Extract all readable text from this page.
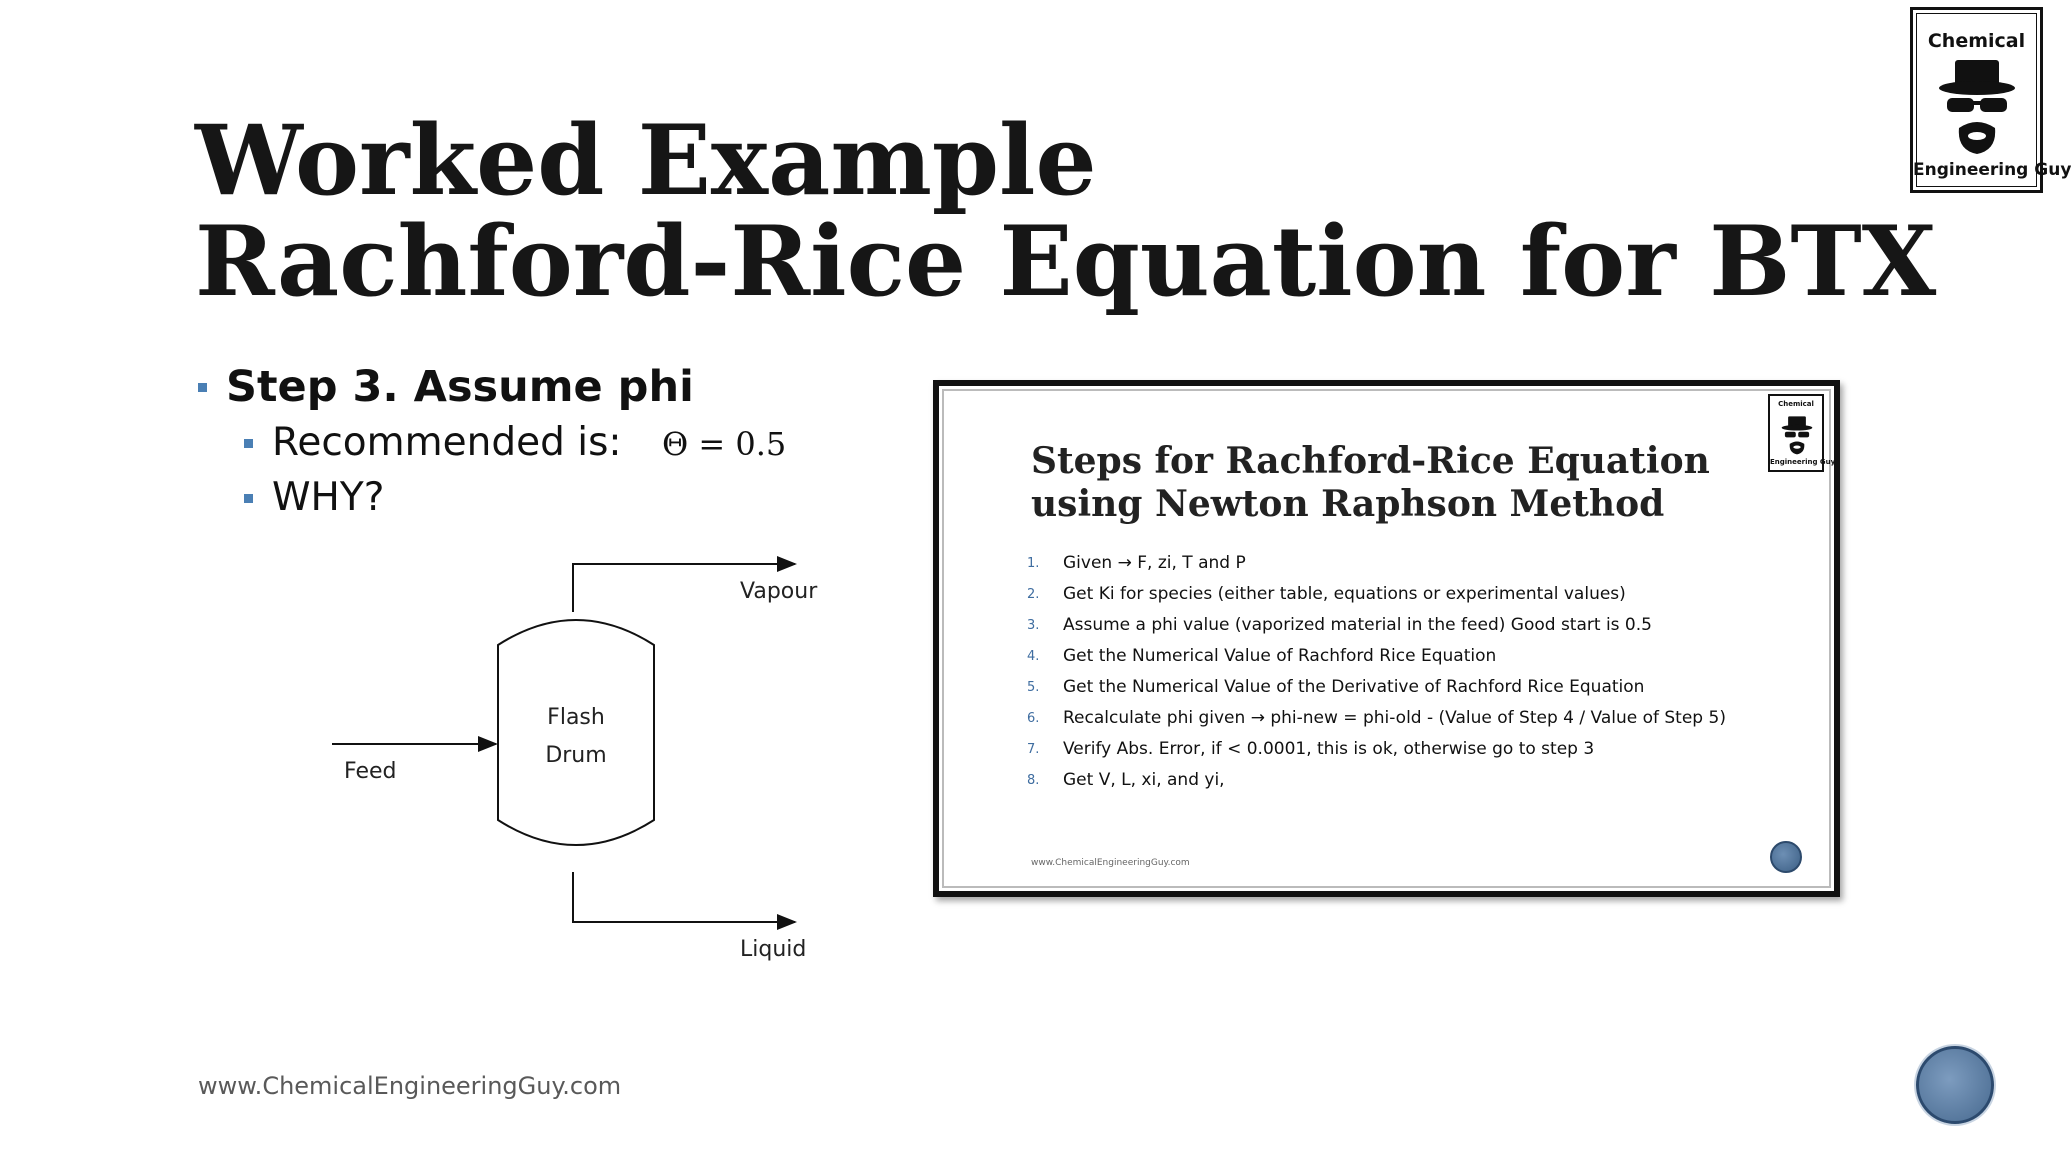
Worked Example
Rachford-Rice Equation for BTX
Chemical
Engineering Guy
Step 3. Assume phi
Recommended is: Θ = 0.5
WHY?
Flash
Drum
Vapour
Feed
Liquid
Steps for Rachford-Rice Equation
using Newton Raphson Method
1. Given → F, zi, T and P
2. Get Ki for species (either table, equations or experimental values)
3. Assume a phi value (vaporized material in the feed) Good start is 0.5
4. Get the Numerical Value of Rachford Rice Equation
5. Get the Numerical Value of the Derivative of Rachford Rice Equation
6. Recalculate phi given → phi-new = phi-old - (Value of Step 4 / Value of Step 5)
7. Verify Abs. Error, if < 0.0001, this is ok, otherwise go to step 3
8. Get V, L, xi, and yi,
www.ChemicalEngineeringGuy.com
Chemical
Engineering Guy
www.ChemicalEngineeringGuy.com
